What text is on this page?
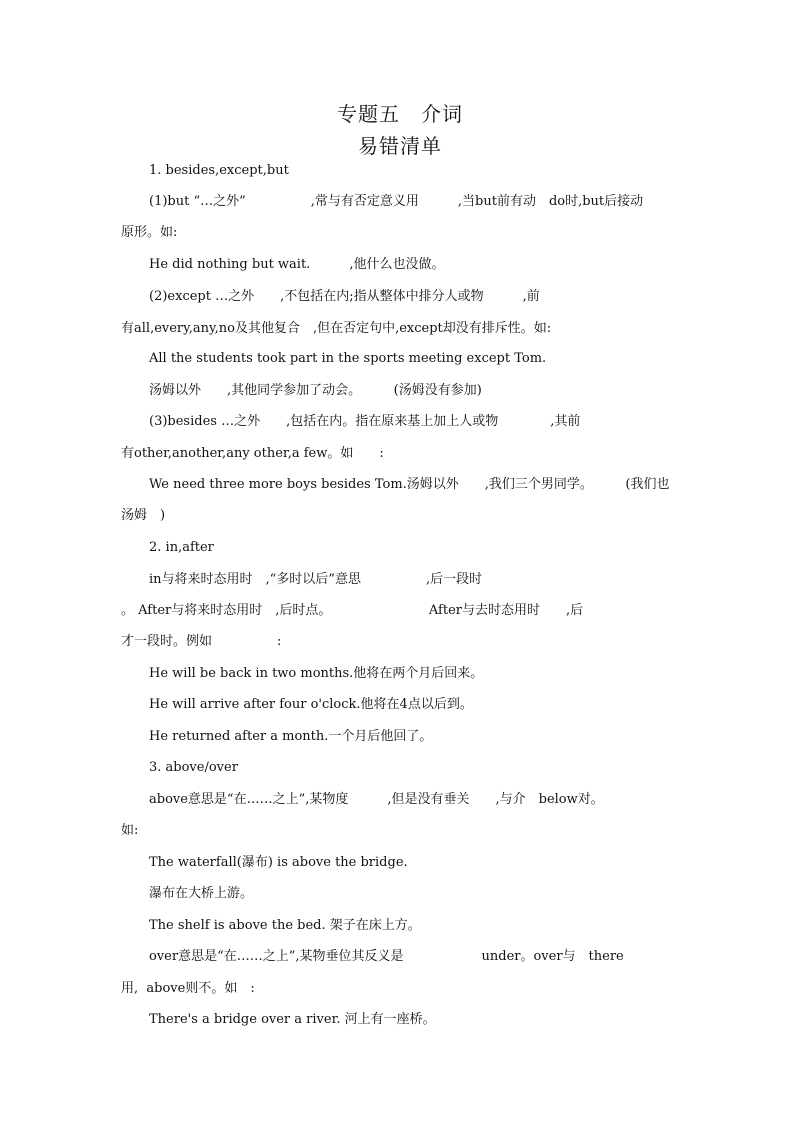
专题五　介词
易错清单
1. besides,except,but
(1)but “…之外”　　　　　,常与有否定意义用　　　,当but前有动　do时,but后接动
原形。如:
He did nothing but wait.　　　,他什么也没做。
(2)except …之外　　,不包括在内;指从整体中排分人或物　　　,前
有all,every,any,no及其他复合　,但在否定句中,except却没有排斥性。如:
All the students took part in the sports meeting except Tom.
汤姆以外　　,其他同学参加了动会。　　　(汤姆没有参加)
(3)besides …之外　　,包括在内。指在原来基上加上人或物　　　　,其前
有other,another,any other,a few。如　　:
We need three more boys besides Tom.汤姆以外　　,我们三个男同学。　　　(我们也
汤姆　)
2. in,after
in与将来时态用时　,“多时以后”意思　　　　　,后一段时
。 After与将来时态用时　,后时点。　　　　　　　　After与去时态用时　　,后
才一段时。例如　　　　　:
He will be back in two months.他将在两个月后回来。
He will arrive after four o'clock.他将在4点以后到。
He returned after a month.一个月后他回了。
3. above/over
above意思是“在……之上”,某物度　　　,但是没有垂关　　,与介　below对。
如:
The waterfall(瀑布) is above the bridge.
瀑布在大桥上游。
The shelf is above the bed. 架子在床上方。
over意思是“在……之上”,某物垂位其反义是　　　　　　under。over与　there
用,  above则不。如　:
There's a bridge over a river. 河上有一座桥。
